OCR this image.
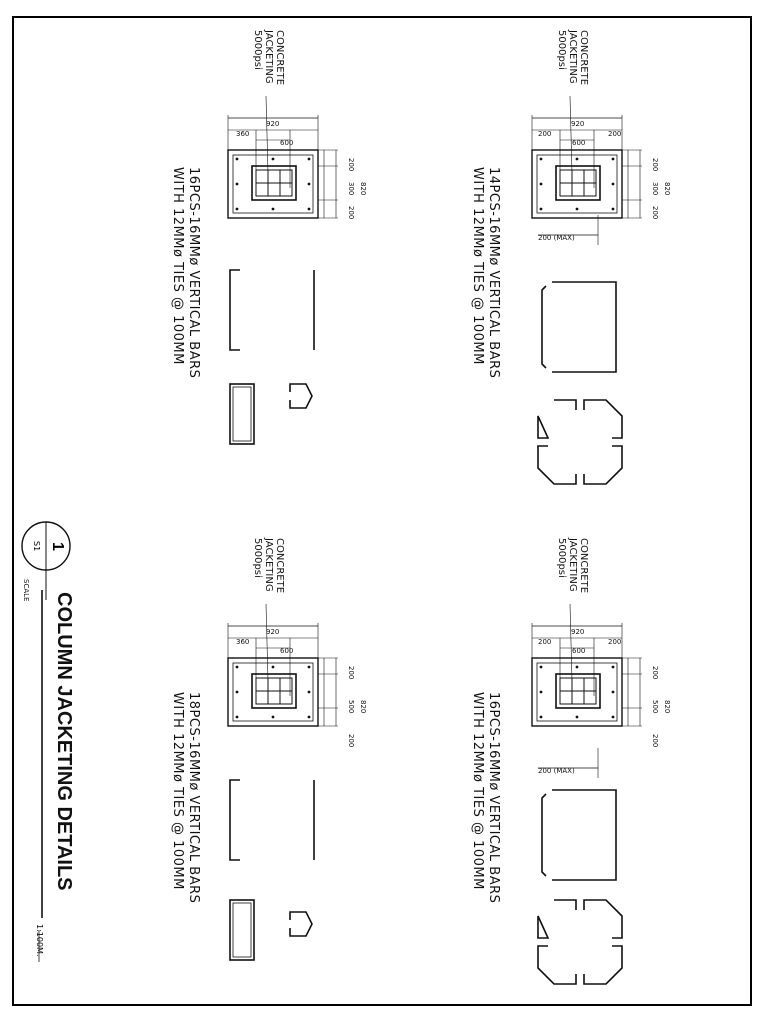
1
S1
920
200
600
200
200 (MAX)
200
300
200
820
920
360
600
200
300
200
820
920
200
600
200
200 (MAX)
200
500
200
820
920
360
600
200
500
200
820
CONCRETE
JACKETING
5000psi
CONCRETE
JACKETING
5000psi
CONCRETE
JACKETING
5000psi
CONCRETE
JACKETING
5000psi
14PCS-16MMø VERTICAL BARS
WITH 12MMø TIES @ 100MM
16PCS-16MMø VERTICAL BARS
WITH 12MMø TIES @ 100MM
16PCS-16MMø VERTICAL BARS
WITH 12MMø TIES @ 100MM
18PCS-16MMø VERTICAL BARS
WITH 12MMø TIES @ 100MM
COLUMN JACKETING DETAILS
SCALE
1:100M.
